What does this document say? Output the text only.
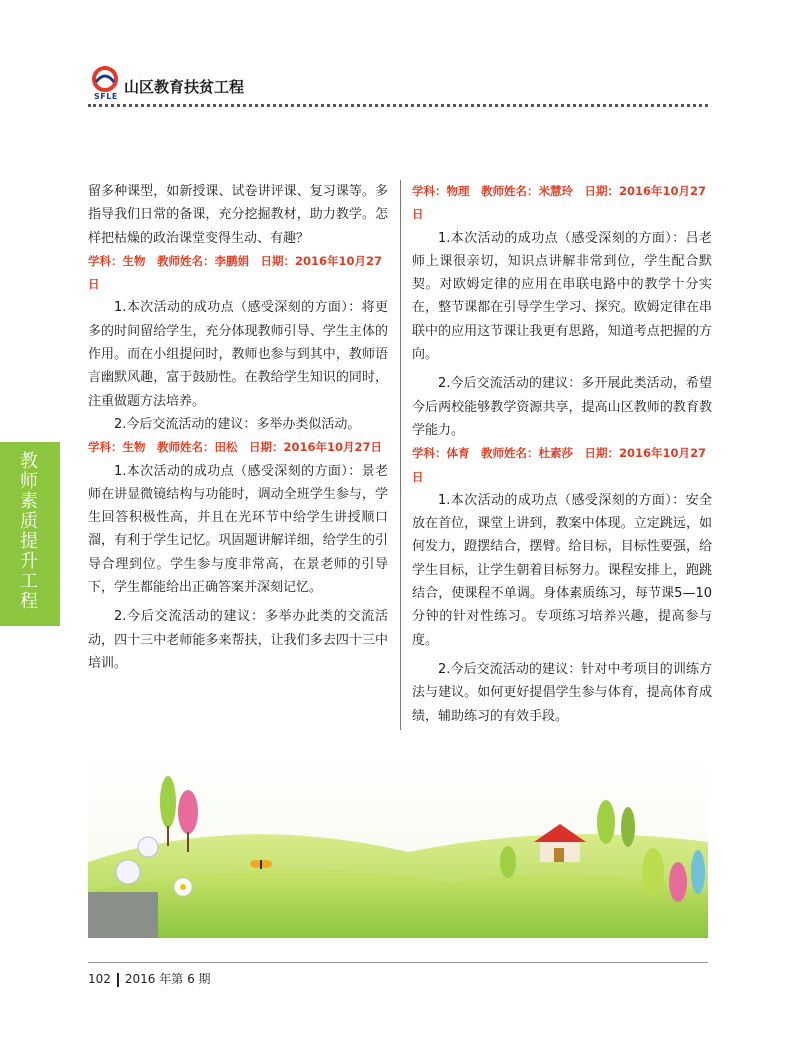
SFLE
山区教育扶贫工程
教师素质提升工程

留多种课型，如新授课、试卷讲评课、复习课等。多指导我们日常的备课，充分挖掘教材，助力教学。怎样把枯燥的政治课堂变得生动、有趣？

学科：生物　教师姓名：李鹏娟　日期：2016年10月27日

1.本次活动的成功点（感受深刻的方面）：将更多的时间留给学生，充分体现教师引导、学生主体的作用。而在小组提问时，教师也参与到其中，教师语言幽默风趣，富于鼓励性。在教给学生知识的同时，注重做题方法培养。

2.今后交流活动的建议：多举办类似活动。

学科：生物　教师姓名：田松　日期：2016年10月27日

1.本次活动的成功点（感受深刻的方面）：景老师在讲显微镜结构与功能时，调动全班学生参与，学生回答积极性高，并且在光环节中给学生讲授顺口溜，有利于学生记忆。巩固题讲解详细，给学生的引导合理到位。学生参与度非常高，在景老师的引导下，学生都能给出正确答案并深刻记忆。

2.今后交流活动的建议：多举办此类的交流活动，四十三中老师能多来帮扶，让我们多去四十三中培训。

学科：物理　教师姓名：米慧玲　日期：2016年10月27日

1.本次活动的成功点（感受深刻的方面）：吕老师上课很亲切，知识点讲解非常到位，学生配合默契。对欧姆定律的应用在串联电路中的教学十分实在，整节课都在引导学生学习、探究。欧姆定律在串联中的应用这节课让我更有思路，知道考点把握的方向。

2.今后交流活动的建议：多开展此类活动，希望今后两校能够教学资源共享，提高山区教师的教育教学能力。

学科：体育　教师姓名：杜素莎　日期：2016年10月27日

1.本次活动的成功点（感受深刻的方面）：安全放在首位，课堂上讲到，教案中体现。立定跳远，如何发力，蹬摆结合，摆臂。给目标，目标性要强，给学生目标，让学生朝着目标努力。课程安排上，跑跳结合，使课程不单调。身体素质练习，每节课5—10分钟的针对性练习。专项练习培养兴趣，提高参与度。

2.今后交流活动的建议：针对中考项目的训练方法与建议。如何更好提倡学生参与体育，提高体育成绩，辅助练习的有效手段。

102 2016 年第 6 期
